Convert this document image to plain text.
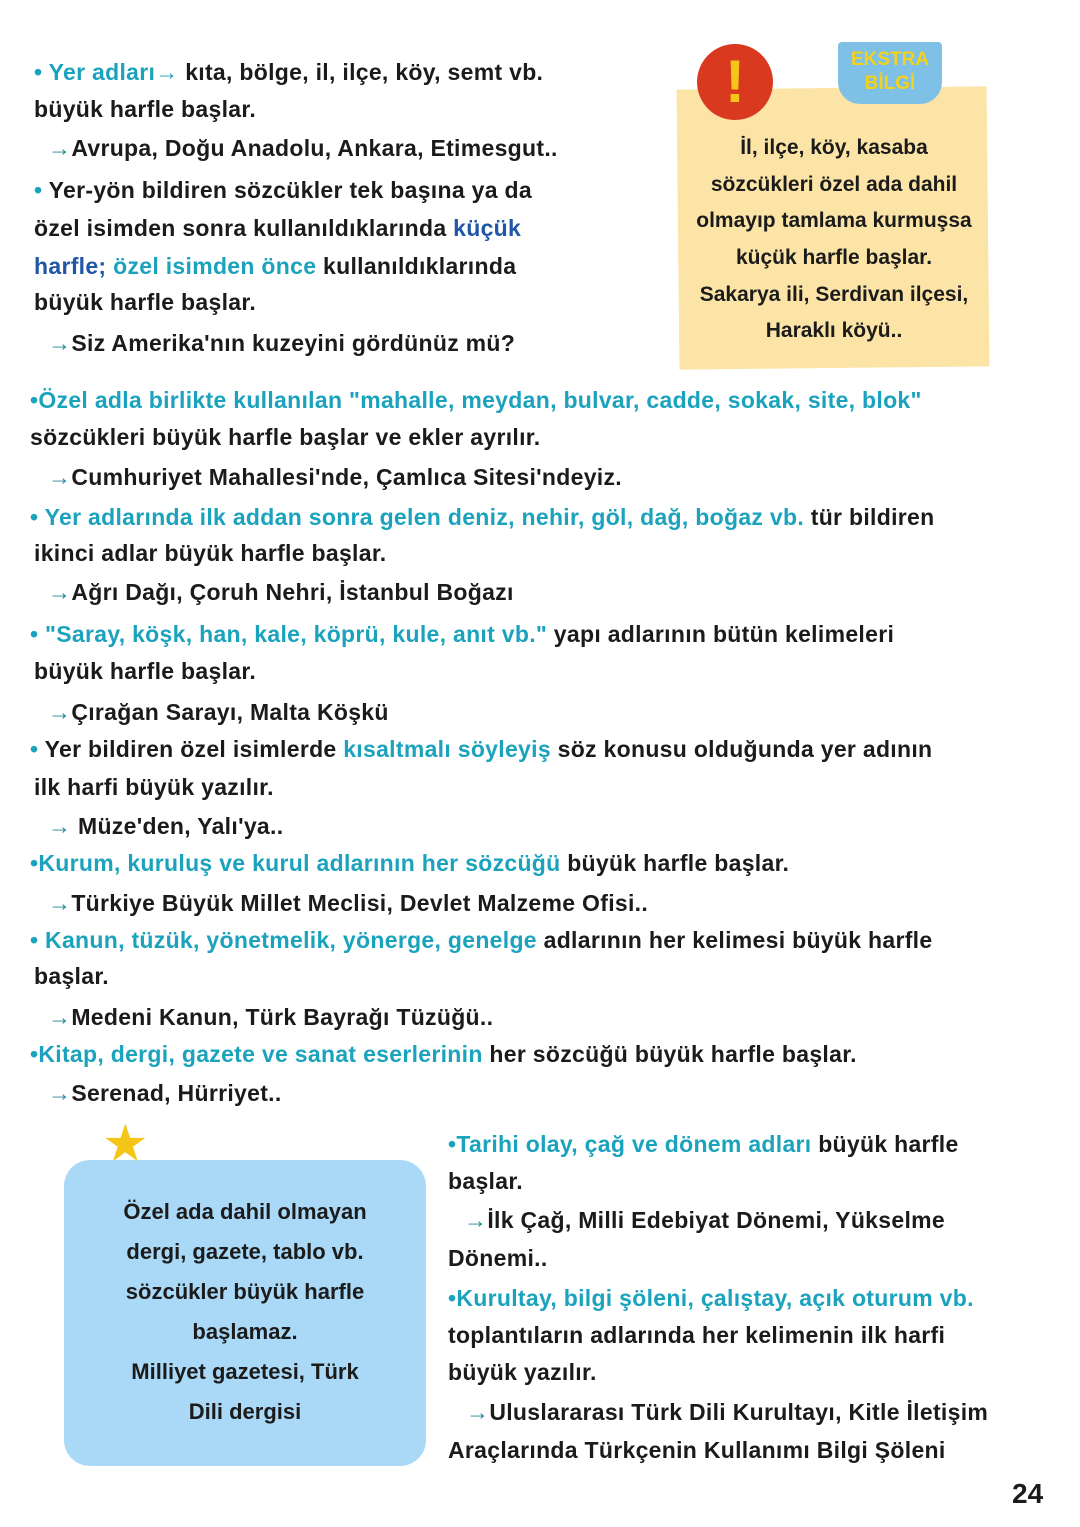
• Yer adları→ kıta, bölge, il, ilçe, köy, semt vb.
büyük harfle başlar.
→Avrupa, Doğu Anadolu, Ankara, Etimesgut..
• Yer-yön bildiren sözcükler tek başına ya da
özel isimden sonra kullanıldıklarında küçük
harfle; özel isimden önce kullanıldıklarında
büyük harfle başlar.
→Siz Amerika'nın kuzeyini gördünüz mü?
•Özel adla birlikte kullanılan "mahalle, meydan, bulvar, cadde, sokak, site, blok"
sözcükleri büyük harfle başlar ve ekler ayrılır.
→Cumhuriyet Mahallesi'nde, Çamlıca Sitesi'ndeyiz.
• Yer adlarında ilk addan sonra gelen deniz, nehir, göl, dağ, boğaz vb. tür bildiren
ikinci adlar büyük harfle başlar.
→Ağrı Dağı, Çoruh Nehri, İstanbul Boğazı
• "Saray, köşk, han, kale, köprü, kule, anıt vb." yapı adlarının bütün kelimeleri
büyük harfle başlar.
→Çırağan Sarayı, Malta Köşkü
• Yer bildiren özel isimlerde kısaltmalı söyleyiş söz konusu olduğunda yer adının
ilk harfi büyük yazılır.
→ Müze'den, Yalı'ya..
•Kurum, kuruluş ve kurul adlarının her sözcüğü büyük harfle başlar.
→Türkiye Büyük Millet Meclisi, Devlet Malzeme Ofisi..
• Kanun, tüzük, yönetmelik, yönerge, genelge adlarının her kelimesi büyük harfle
başlar.
→Medeni Kanun, Türk Bayrağı Tüzüğü..
•Kitap, dergi, gazete ve sanat eserlerinin her sözcüğü büyük harfle başlar.
→Serenad, Hürriyet..
•Tarihi olay, çağ ve dönem adları büyük harfle
başlar.
→İlk Çağ, Milli Edebiyat Dönemi, Yükselme
Dönemi..
•Kurultay, bilgi şöleni, çalıştay, açık oturum vb.
toplantıların adlarında her kelimenin ilk harfi
büyük yazılır.
→Uluslararası Türk Dili Kurultayı, Kitle İletişim
Araçlarında Türkçenin Kullanımı Bilgi Şöleni
!	EKSTRA
BİLGİ
İl, ilçe, köy, kasaba
sözcükleri özel ada dahil
olmayıp tamlama kurmuşsa
küçük harfle başlar.
Sakarya ili, Serdivan ilçesi,
Haraklı köyü..
★
Özel ada dahil olmayan
dergi, gazete, tablo vb.
sözcükler büyük harfle
başlamaz.
Milliyet gazetesi, Türk
Dili dergisi
24
